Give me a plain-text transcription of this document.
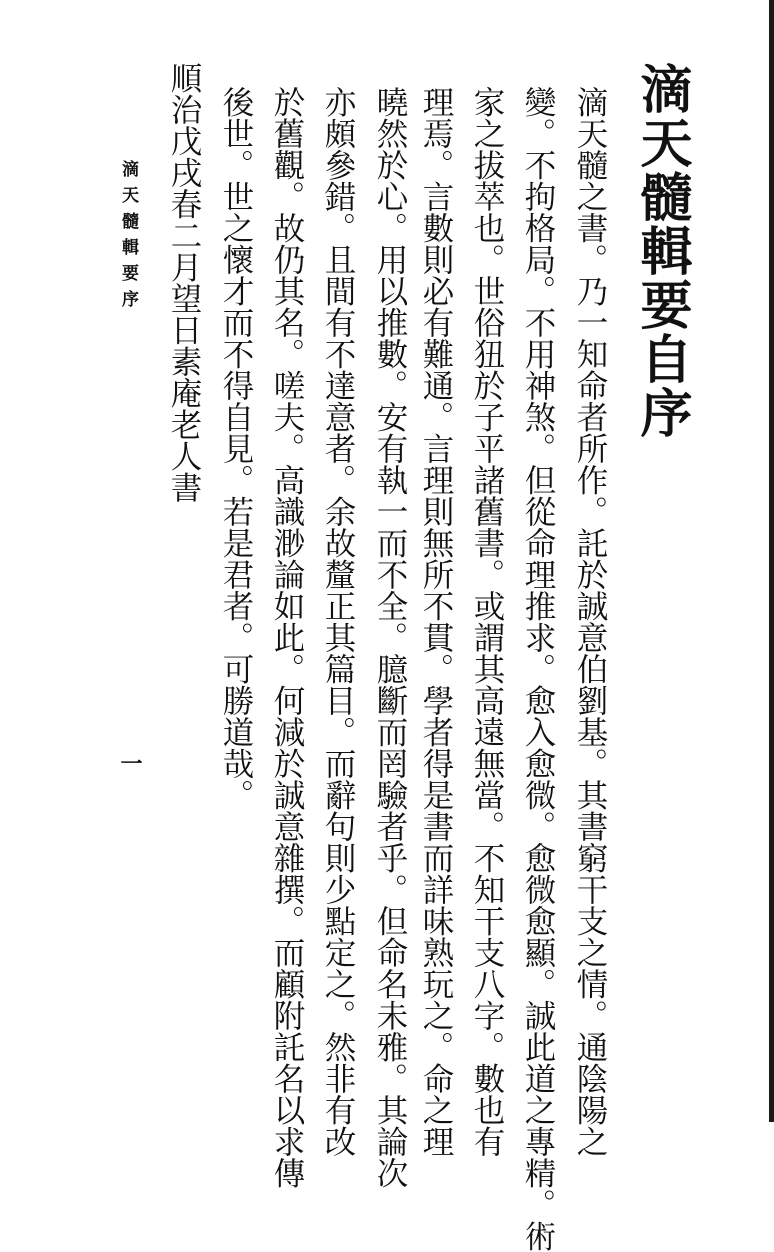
滴天髓輯要自序
滴天髓之書。乃一知命者所作。託於誠意伯劉基。其書窮干支之情。通陰陽之
變。不拘格局。不用神煞。但從命理推求。愈入愈微。愈微愈顯。誠此道之專精。術
家之拔萃也。世俗狃於子平諸舊書。或謂其高遠無當。不知干支八字。數也有
理焉。言數則必有難通。言理則無所不貫。學者得是書而詳味熟玩之。命之理
曉然於心。用以推數。安有執一而不全。臆斷而罔驗者乎。但命名未雅。其論次
亦頗參錯。且間有不達意者。余故釐正其篇目。而辭句則少點定之。然非有改
於舊觀。故仍其名。嗟夫。高識渺論如此。何減於誠意雜撰。而顧附託名以求傳
後世。世之懷才而不得自見。若是君者。可勝道哉。
順治戊戌春二月望日素庵老人書
滴天髓輯要序
一
